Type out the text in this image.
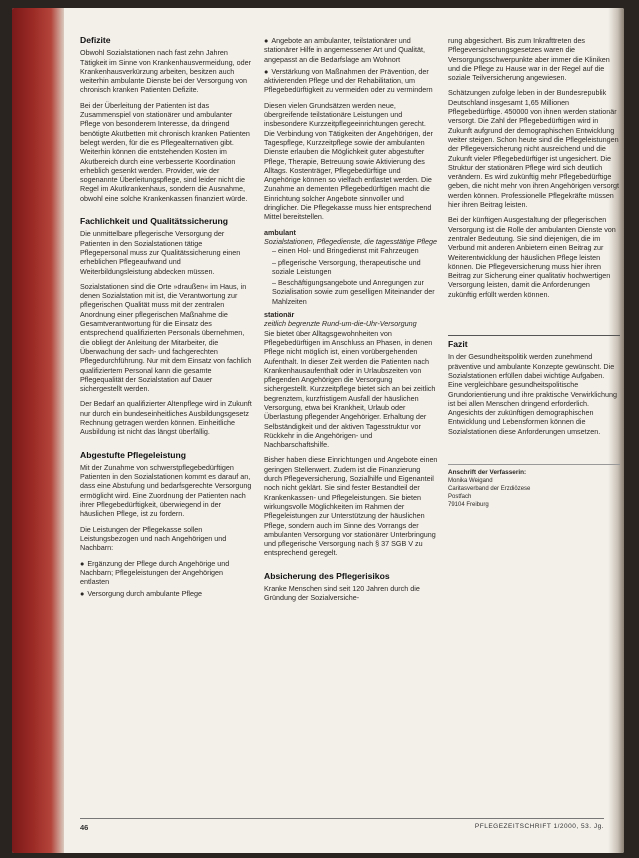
Defizite

Obwohl Sozialstationen nach fast zehn Jahren Tätigkeit im Sinne von Krankenhausvermeidung, oder Krankenhausverkürzung arbeiten, besitzen auch weiterhin ambulante Dienste bei der Versorgung von chronisch kranken Patienten Defizite.

Bei der Überleitung der Patienten ist das Zusammenspiel von stationärer und ambulanter Pflege von besonderem Interesse, da dringend benötigte Akutbetten mit chronisch kranken Patienten belegt werden, für die es Pflegealternativen gibt. Weiterhin können die entstehenden Kosten im Akutbereich durch eine verbesserte Koordination erheblich gesenkt werden. Provider, wie der sogenannte Überleitungspflege, sind leider nicht die Regel im Akutkrankenhaus, sondern die Ausnahme, obwohl eine solche Krankenkassen finanziert würde.

Fachlichkeit und Qualitätssicherung

Die unmittelbare pflegerische Versorgung der Patienten in den Sozialstationen tätige Pflegepersonal muss zur Qualitätssicherung einen erheblichen Pflegeaufwand und Weiterbildungsleistung abdecken müssen.

Sozialstationen sind die Orte »draußen« im Haus, in denen Sozialstation mit ist, die Verantwortung zur pflegerischen Qualität muss mit der zentralen Anordnung einer pflegerischen Maßnahme die Gesamtverantwortung für die Einsatz des entsprechend qualifizierten Personals übernehmen, die obliegt der Anleitung der Mitarbeiter, die Überwachung der sach- und fachgerechten Pflegedurchführung. Nur mit dem Einsatz von fachlich qualifiziertem Personal kann die gesamte Pflegequalität der Sozialstation auf Dauer sichergestellt werden.

Der Bedarf an qualifizierter Altenpflege wird in Zukunft nur durch ein bundeseinheitliches Ausbildungsgesetz Rechnung getragen werden können. Einheitliche Ausbildung ist nicht das längst überfällig.

Abgestufte Pflegeleistung

Mit der Zunahme von schwerstpflegebedürftigen Patienten in den Sozialstationen kommt es darauf an, dass eine Abstufung und bedarfsgerechte Versorgung ermöglicht wird. Eine Zuordnung der Patienten nach ihrer Pflegebedürftigkeit, überwiegend in der häuslichen Pflege, ist zu fordern.

Die Leistungen der Pflegekasse sollen Leistungsbezogen und nach Angehörigen und Nachbarn:

● Ergänzung der Pflege durch Angehörige und Nachbarn; Pflegeleistungen der Angehörigen entlasten
● Versorgung durch ambulante Pflege
● Angebote an ambulanter, teilstationärer und stationärer Hilfe in angemessener Art und Qualität, angepasst an die Bedarfslage am Wohnort
● Verstärkung von Maßnahmen der Prävention, der aktivierenden Pflege und der Rehabilitation, um Pflegebedürftigkeit zu vermeiden oder zu vermindern

Diesen vielen Grundsätzen werden neue, übergreifende teilstationäre Leistungen und insbesondere Kurzzeitpflegeeinrichtungen gerecht. Die Verbindung von Tätigkeiten der Angehörigen, der Tagespflege, Kurzzeitpflege sowie der ambulanten Dienste erlauben die Möglichkeit guter abgestufter Pflege, Therapie, Betreuung sowie Aktivierung des Alltags. Kostenträger, Pflegebedürftige und Angehörige können so vielfach entlastet werden. Die Zunahme an dementen Pflegebedürftigen macht die Einrichtung solcher Angebote sinnvoller und dringlicher. Die Pflegekasse muss hier entsprechend Mittel bereitstellen.

ambulant

Sozialstationen, Pflegedienste, die tagesstätige Pflege

– einen Hol- und Bringedienst mit Fahrzeugen
– pflegerische Versorgung, therapeutische und soziale Leistungen
– Beschäftigungsangebote und Anregungen zur Sozialisation sowie zum geselligen Miteinander der Mahlzeiten

stationär

zeitlich begrenzte Rund-um-die-Uhr-Versorgung

Sie bietet über Alltagsgewohnheiten von Pflegebedürftigen im Anschluss an Phasen, in denen Pflege nicht möglich ist, einen vorübergehenden Aufenthalt. In dieser Zeit werden die Patienten nach Krankenhausaufenthalt oder in Urlaubszeiten von pflegenden Angehörigen die Versorgung sichergestellt. Kurzzeitpflege bietet sich an bei zeitlich begrenztem, kurzfristigem Ausfall der häuslichen Versorgung, etwa bei Krankheit, Urlaub oder Überlastung pflegender Angehöriger. Erhaltung der Selbständigkeit und der aktiven Tagesstruktur vor Rückkehr in die Angehörigen- und Nachbarschaftshilfe.

Bisher haben diese Einrichtungen und Angebote einen geringen Stellenwert. Zudem ist die Finanzierung durch Pflegeversicherung, Sozialhilfe und Eigenanteil noch nicht geklärt. Sie sind fester Bestandteil der Krankenkassen- und Pflegeleistungen. Sie bieten wirkungsvolle Möglichkeiten im Rahmen der Pflegeleistungen zur Unterstützung der häuslichen Pflege, sondern auch im Sinne des Vorrangs der ambulanten Versorgung vor stationärer Unterbringung und pflegerische Versorgung nach § 37 SGB V zu entsprechend geregelt.

Absicherung des Pflegerisikos

Kranke Menschen sind seit 120 Jahren durch die Gründung der Sozialversiche-

rung abgesichert. Bis zum Inkrafttreten des Pflegeversicherungsgesetzes waren die Versorgungsschwerpunkte aber immer die Kliniken und die Pflege zu Hause war in der Regel auf die soziale Teilversicherung angewiesen.

Schätzungen zufolge leben in der Bundesrepublik Deutschland insgesamt 1,65 Millionen Pflegebedürftige. 450000 von ihnen werden stationär versorgt. Die Zahl der Pflegebedürftigen wird in Zukunft aufgrund der demographischen Entwicklung weiter steigen. Schon heute sind die Pflegeleistungen der Pflegeversicherung nicht ausreichend und die Zukunft vieler Pflegebedürftiger ist ungesichert. Die Struktur der stationären Pflege wird sich deutlich verändern. Es wird zukünftig mehr Pflegebedürftige geben, die nicht mehr von ihren Angehörigen versorgt werden können. Professionelle Pflegekräfte müssen hier ihren Beitrag leisten.

Bei der künftigen Ausgestaltung der pflegerischen Versorgung ist die Rolle der ambulanten Dienste von zentraler Bedeutung. Sie sind diejenigen, die im Verbund mit anderen Anbietern einen Beitrag zur Weiterentwicklung der häuslichen Pflege leisten können. Die Pflegeversicherung muss hier ihren Beitrag zur Sicherung einer qualitativ hochwertigen Versorgung leisten, damit die Anforderungen zukünftig erfüllt werden können.

Fazit

In der Gesundheitspolitik werden zunehmend präventive und ambulante Konzepte gewünscht. Die Sozialstationen erfüllen dabei wichtige Aufgaben. Eine vergleichbare gesundheitspolitische Grundorientierung und ihre praktische Verwirklichung ist bei allen Menschen dringend erforderlich. Angesichts der zukünftigen demographischen Entwicklung und Lebensformen können die Sozialstationen diese Anforderungen umsetzen.

Anschrift der Verfasserin:
Monika Weigand
Caritasverband der Erzdiözese
Postfach
79104 Freiburg
46	PFLEGEZEITSCHRIFT 1/2000, 53. Jg.
